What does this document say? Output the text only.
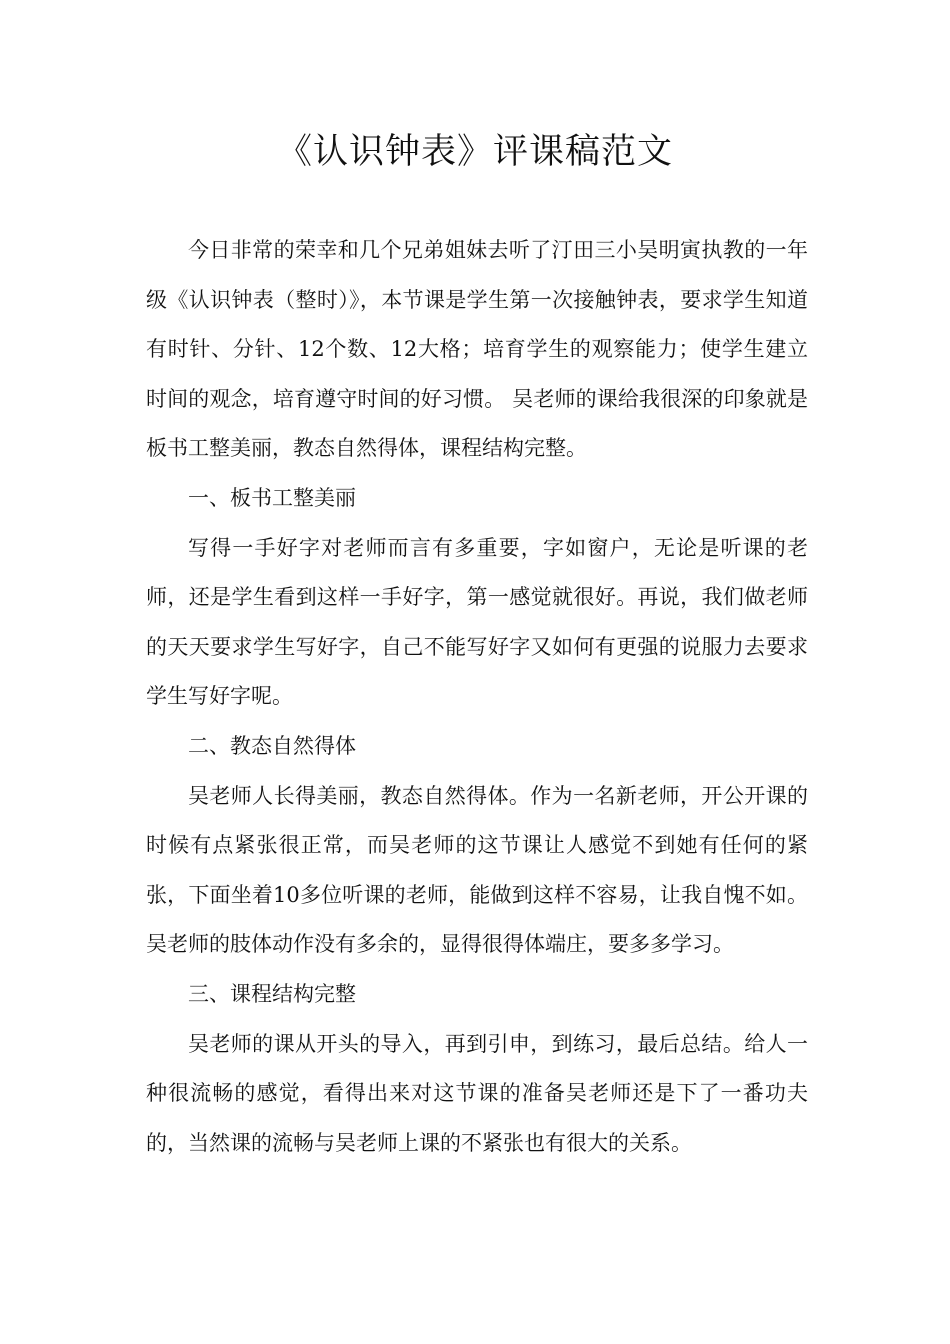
《认识钟表》评课稿范文

今日非常的荣幸和几个兄弟姐妹去听了汀田三小吴明寅执教的一年级《认识钟表（整时）》，本节课是学生第一次接触钟表，要求学生知道有时针、分针、12个数、12大格；培育学生的观察能力；使学生建立时间的观念，培育遵守时间的好习惯。 吴老师的课给我很深的印象就是板书工整美丽，教态自然得体，课程结构完整。

一、板书工整美丽

写得一手好字对老师而言有多重要，字如窗户，无论是听课的老师，还是学生看到这样一手好字，第一感觉就很好。再说，我们做老师的天天要求学生写好字，自己不能写好字又如何有更强的说服力去要求学生写好字呢。

二、教态自然得体

吴老师人长得美丽，教态自然得体。作为一名新老师，开公开课的时候有点紧张很正常，而吴老师的这节课让人感觉不到她有任何的紧张，下面坐着10多位听课的老师，能做到这样不容易，让我自愧不如。吴老师的肢体动作没有多余的，显得很得体端庄，要多多学习。

三、课程结构完整

吴老师的课从开头的导入，再到引申，到练习，最后总结。给人一种很流畅的感觉，看得出来对这节课的准备吴老师还是下了一番功夫的，当然课的流畅与吴老师上课的不紧张也有很大的关系。
